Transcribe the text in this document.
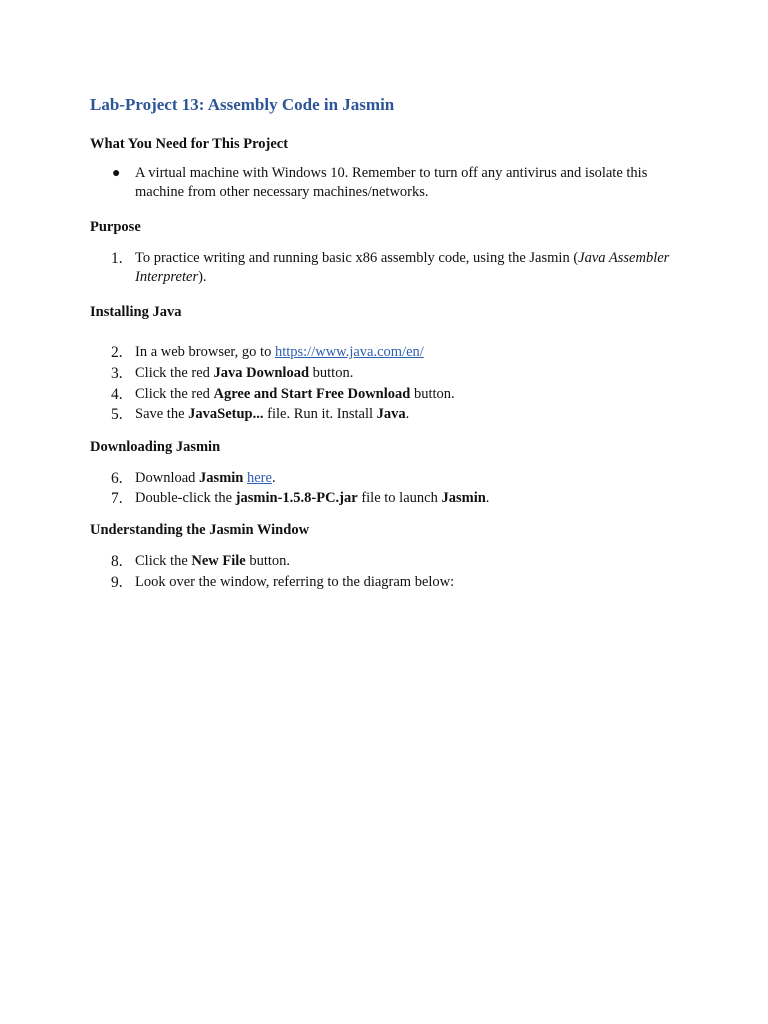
Lab-Project 13: Assembly Code in Jasmin
What You Need for This Project

● A virtual machine with Windows 10. Remember to turn off any antivirus and isolate this machine from other necessary machines/networks.

Purpose

1. To practice writing and running basic x86 assembly code, using the Jasmin (Java Assembler Interpreter).

Installing Java

2. In a web browser, go to https://www.java.com/en/

3. Click the red Java Download button.

4. Click the red Agree and Start Free Download button.

5. Save the JavaSetup... file. Run it. Install Java.

Downloading Jasmin

6. Download Jasmin here.

7. Double-click the jasmin-1.5.8-PC.jar file to launch Jasmin.

Understanding the Jasmin Window

8. Click the New File button.

9. Look over the window, referring to the diagram below:
